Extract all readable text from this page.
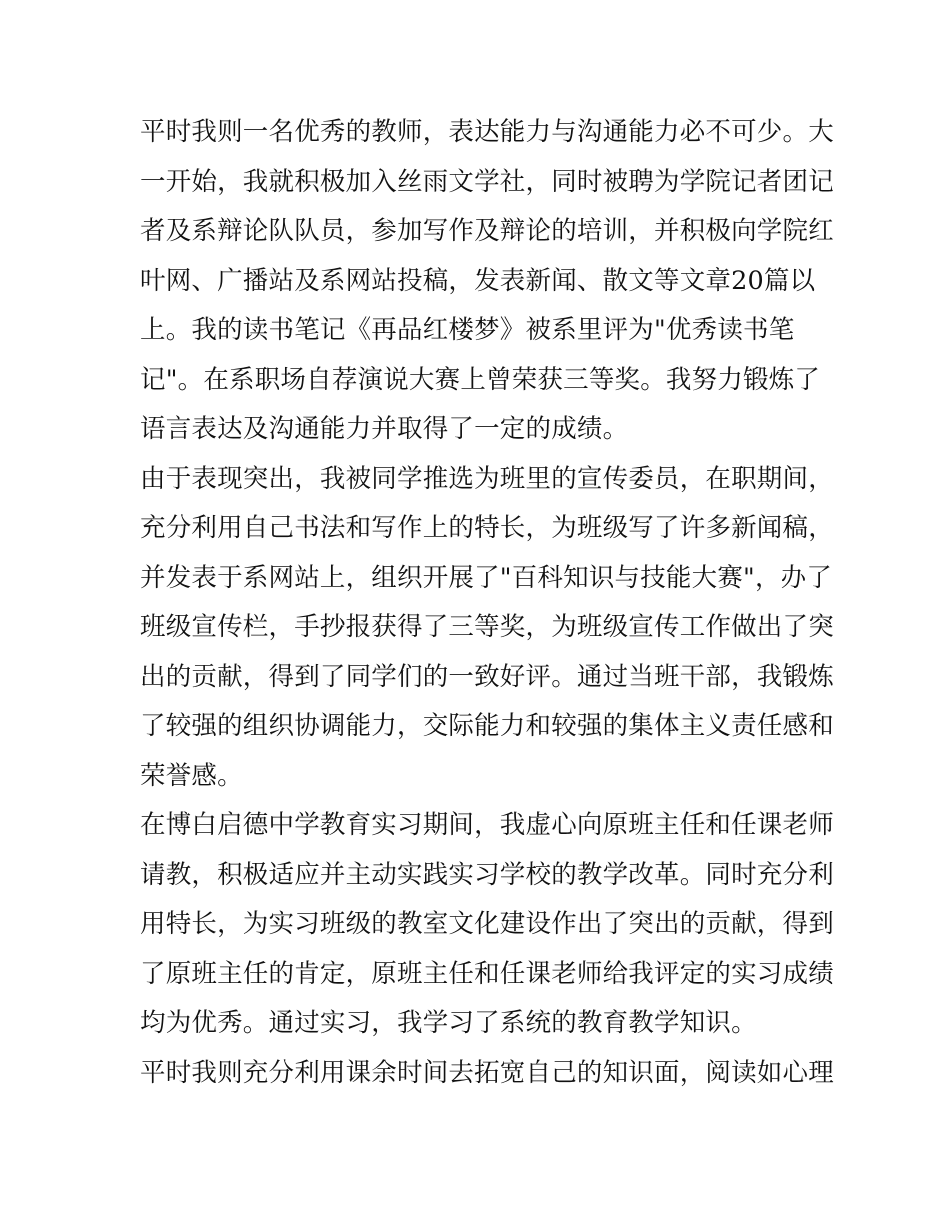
平时我则一名优秀的教师，表达能力与沟通能力必不可少。大
一开始，我就积极加入丝雨文学社，同时被聘为学院记者团记
者及系辩论队队员，参加写作及辩论的培训，并积极向学院红
叶网、广播站及系网站投稿，发表新闻、散文等文章20篇以
上。我的读书笔记《再品红楼梦》被系里评为"优秀读书笔
记"。在系职场自荐演说大赛上曾荣获三等奖。我努力锻炼了
语言表达及沟通能力并取得了一定的成绩。
由于表现突出，我被同学推选为班里的宣传委员，在职期间，
充分利用自己书法和写作上的特长，为班级写了许多新闻稿，
并发表于系网站上，组织开展了"百科知识与技能大赛"，办了
班级宣传栏，手抄报获得了三等奖，为班级宣传工作做出了突
出的贡献，得到了同学们的一致好评。通过当班干部，我锻炼
了较强的组织协调能力，交际能力和较强的集体主义责任感和
荣誉感。
在博白启德中学教育实习期间，我虚心向原班主任和任课老师
请教，积极适应并主动实践实习学校的教学改革。同时充分利
用特长，为实习班级的教室文化建设作出了突出的贡献，得到
了原班主任的肯定，原班主任和任课老师给我评定的实习成绩
均为优秀。通过实习，我学习了系统的教育教学知识。
平时我则充分利用课余时间去拓宽自己的知识面，阅读如心理
